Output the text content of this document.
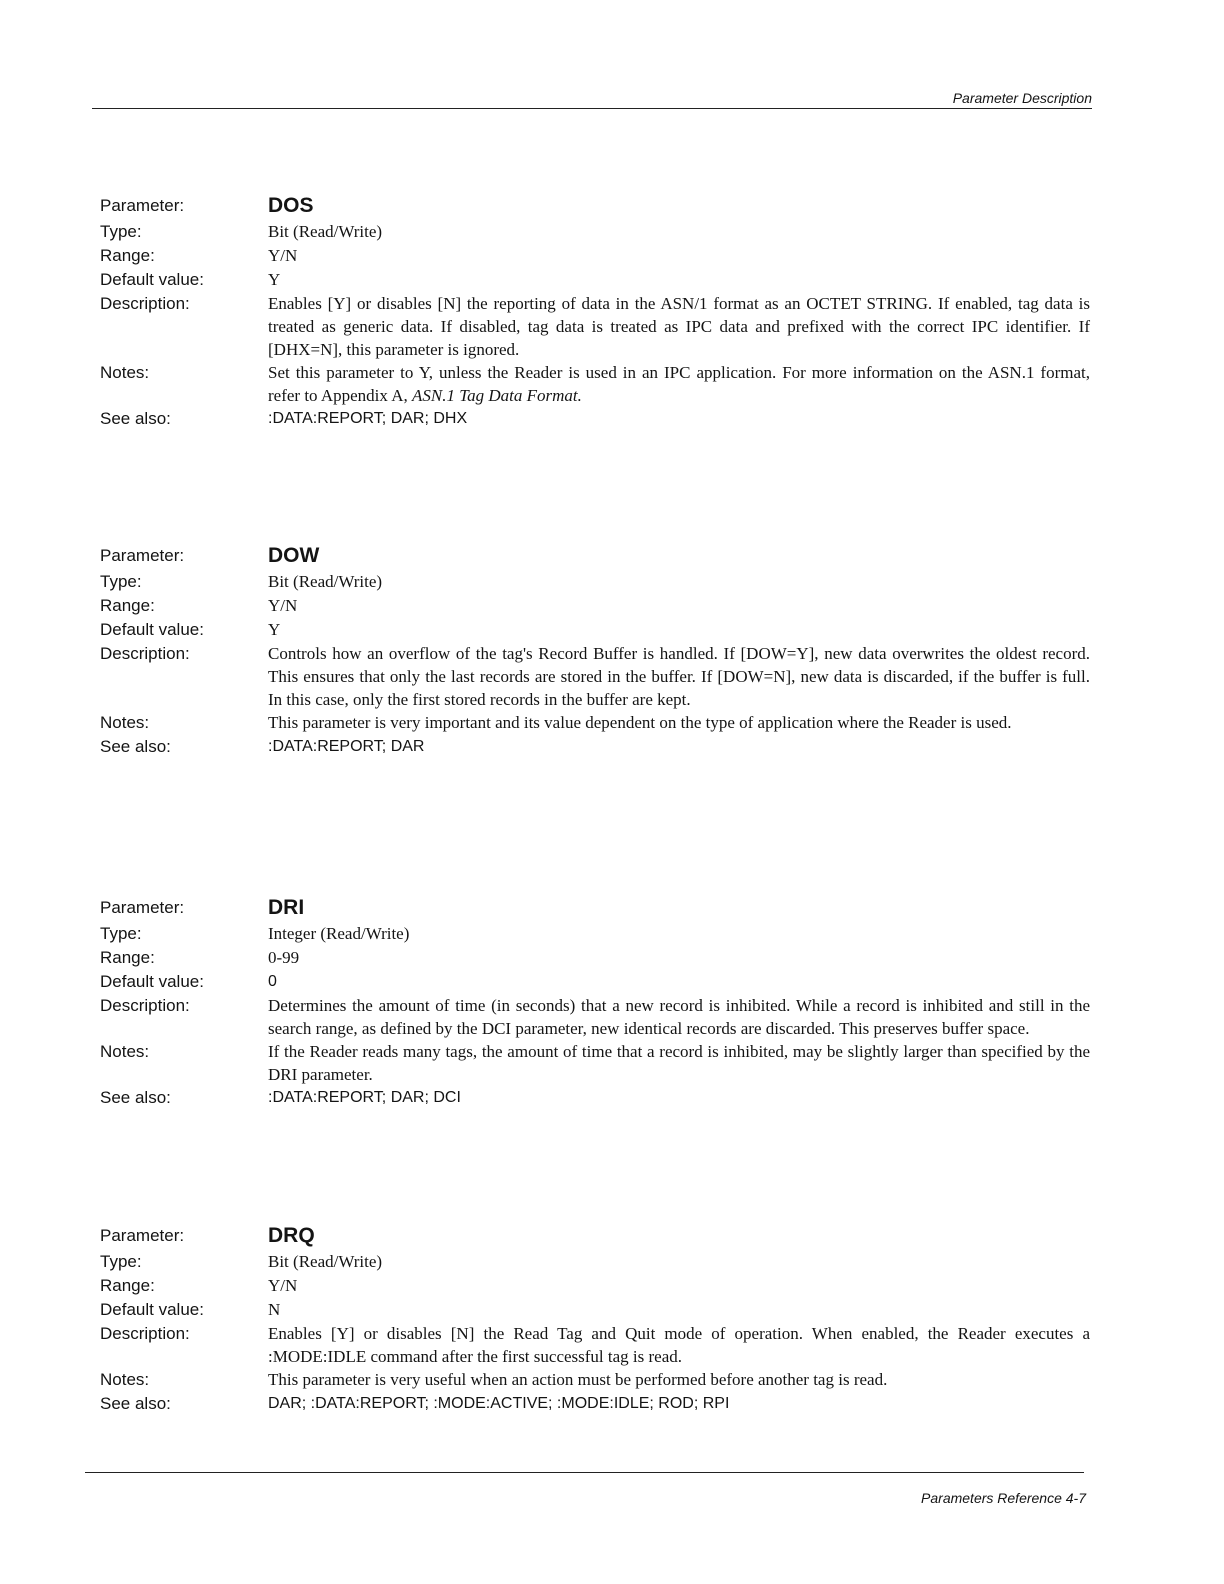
Parameter Description
Parameter:	DOS
Type:	Bit (Read/Write)
Range:	Y/N
Default value:	Y
Description:	Enables [Y] or disables [N] the reporting of data in the ASN/1 format as an OCTET STRING. If enabled, tag data is treated as generic data. If disabled, tag data is treated as IPC data and prefixed with the correct IPC identifier. If [DHX=N], this parameter is ignored.
Notes:	Set this parameter to Y, unless the Reader is used in an IPC application. For more information on the ASN.1 format, refer to Appendix A, ASN.1 Tag Data Format.
See also:	:DATA:REPORT; DAR; DHX
Parameter:	DOW
Type:	Bit (Read/Write)
Range:	Y/N
Default value:	Y
Description:	Controls how an overflow of the tag's Record Buffer is handled. If [DOW=Y], new data overwrites the oldest record. This ensures that only the last records are stored in the buffer. If [DOW=N], new data is discarded, if the buffer is full. In this case, only the first stored records in the buffer are kept.
Notes:	This parameter is very important and its value dependent on the type of application where the Reader is used.
See also:	:DATA:REPORT; DAR
Parameter:	DRI
Type:	Integer (Read/Write)
Range:	0-99
Default value:	0
Description:	Determines the amount of time (in seconds) that a new record is inhibited. While a record is inhibited and still in the search range, as defined by the DCI parameter, new identical records are discarded. This preserves buffer space.
Notes:	If the Reader reads many tags, the amount of time that a record is inhibited, may be slightly larger than specified by the DRI parameter.
See also:	:DATA:REPORT; DAR; DCI
Parameter:	DRQ
Type:	Bit (Read/Write)
Range:	Y/N
Default value:	N
Description:	Enables [Y] or disables [N] the Read Tag and Quit mode of operation. When enabled, the Reader executes a :MODE:IDLE command after the first successful tag is read.
Notes:	This parameter is very useful when an action must be performed before another tag is read.
See also:	DAR; :DATA:REPORT; :MODE:ACTIVE; :MODE:IDLE; ROD; RPI
Parameters Reference 4-7
